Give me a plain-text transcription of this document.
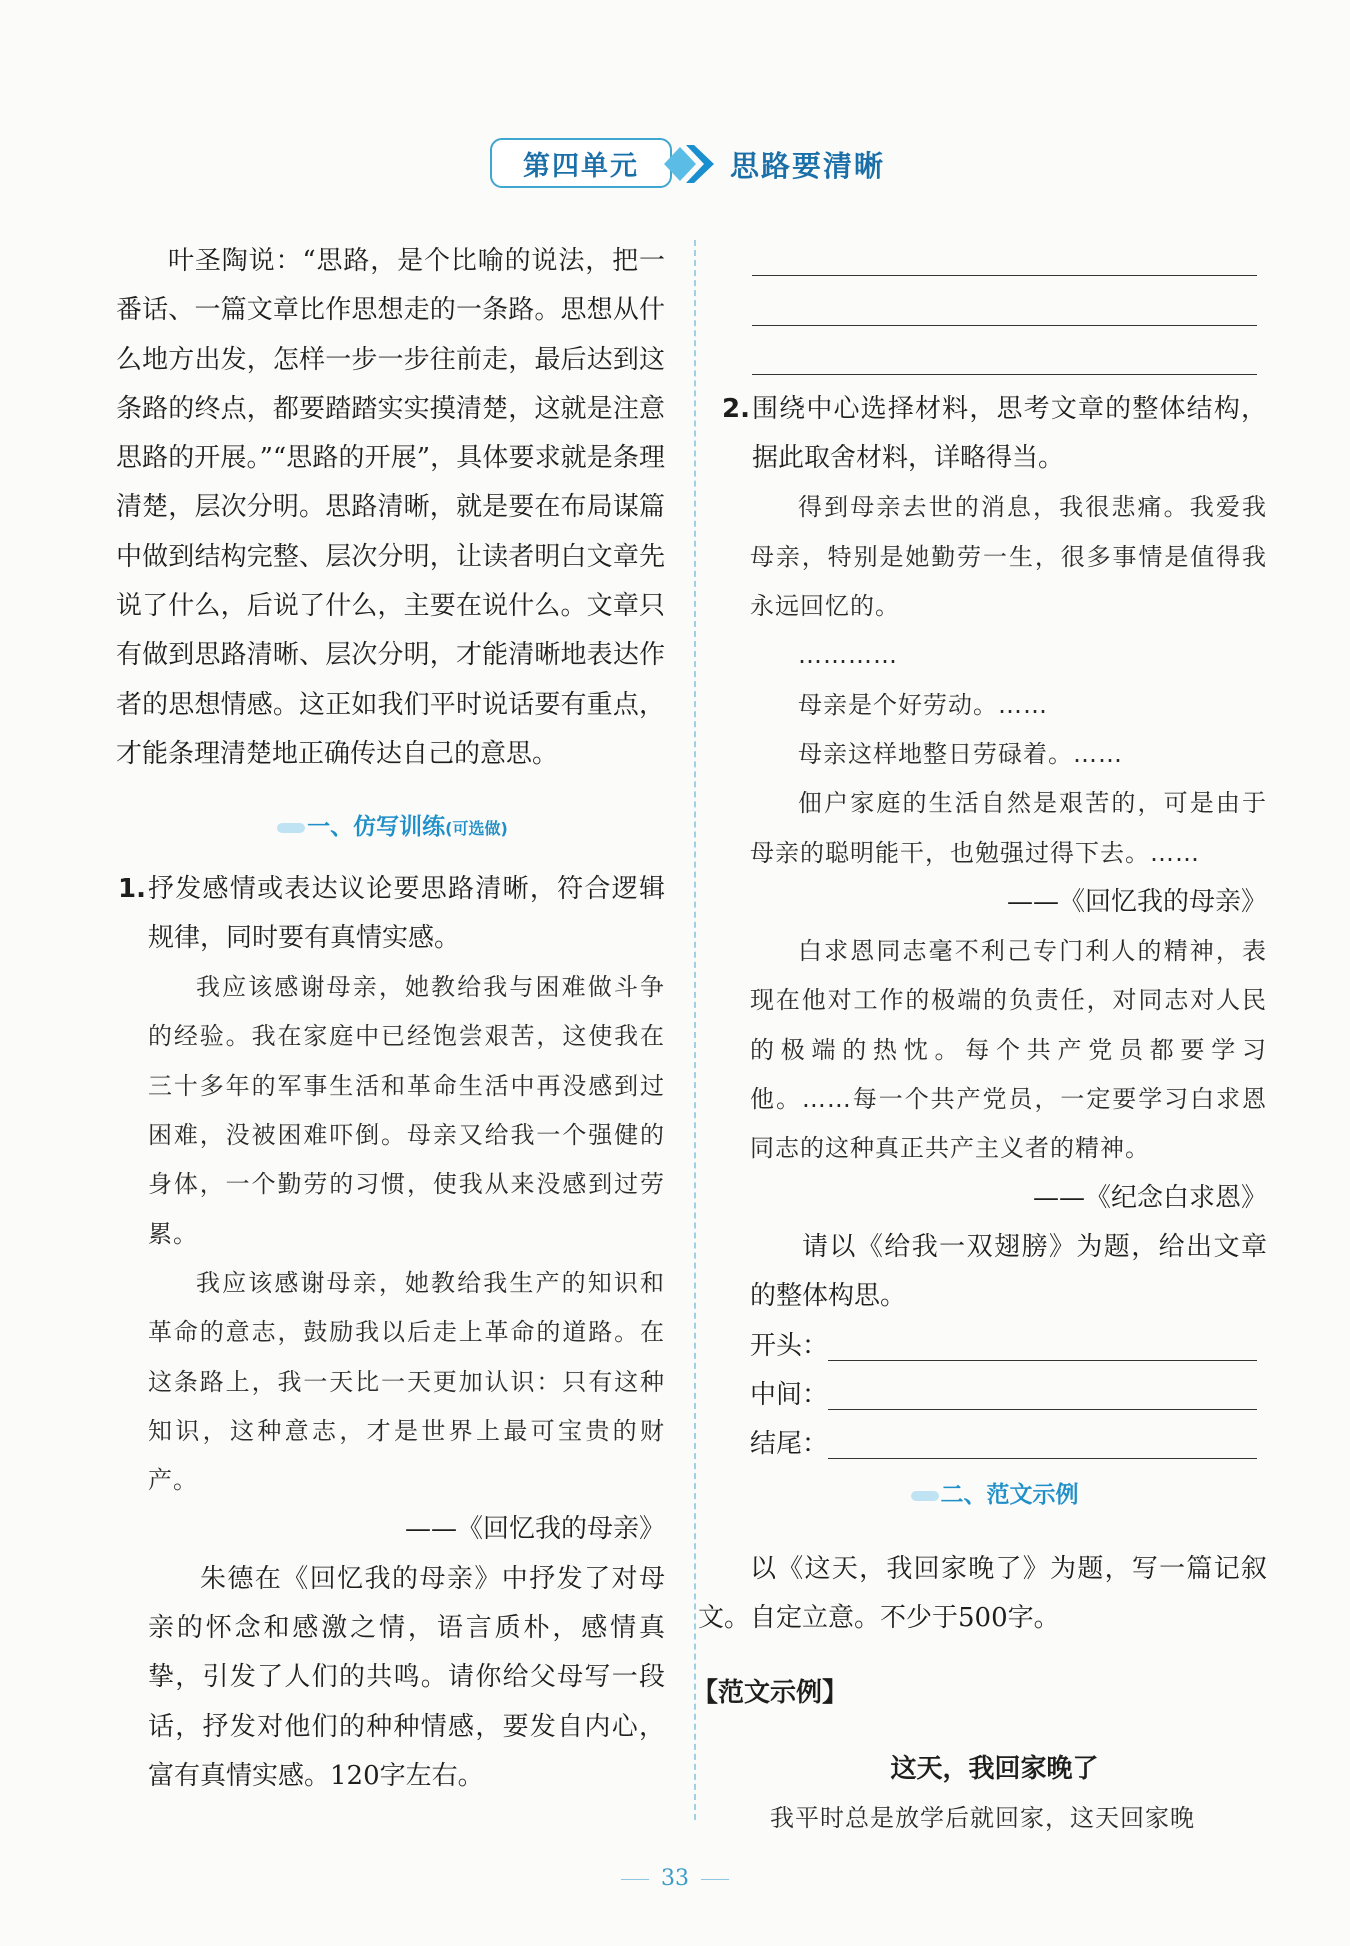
第四单元	思路要清晰

叶圣陶说：“思路，是个比喻的说法，把一番话、一篇文章比作思想走的一条路。思想从什么地方出发，怎样一步一步往前走，最后达到这条路的终点，都要踏踏实实摸清楚，这就是注意思路的开展。”“思路的开展”，具体要求就是条理清楚，层次分明。思路清晰，就是要在布局谋篇中做到结构完整、层次分明，让读者明白文章先说了什么，后说了什么，主要在说什么。文章只有做到思路清晰、层次分明，才能清晰地表达作者的思想情感。这正如我们平时说话要有重点，才能条理清楚地正确传达自己的意思。

一、仿写训练(可选做)

1. 抒发感情或表达议论要思路清晰，符合逻辑规律，同时要有真情实感。

我应该感谢母亲，她教给我与困难做斗争的经验。我在家庭中已经饱尝艰苦，这使我在三十多年的军事生活和革命生活中再没感到过困难，没被困难吓倒。母亲又给我一个强健的身体，一个勤劳的习惯，使我从来没感到过劳累。

我应该感谢母亲，她教给我生产的知识和革命的意志，鼓励我以后走上革命的道路。在这条路上，我一天比一天更加认识：只有这种知识，这种意志，才是世界上最可宝贵的财产。

——《回忆我的母亲》

朱德在《回忆我的母亲》中抒发了对母亲的怀念和感激之情，语言质朴，感情真挚，引发了人们的共鸣。请你给父母写一段话，抒发对他们的种种情感，要发自内心，富有真情实感。120字左右。

2. 围绕中心选择材料，思考文章的整体结构，据此取舍材料，详略得当。

得到母亲去世的消息，我很悲痛。我爱我母亲，特别是她勤劳一生，很多事情是值得我永远回忆的。

…………

母亲是个好劳动。……

母亲这样地整日劳碌着。……

佃户家庭的生活自然是艰苦的，可是由于母亲的聪明能干，也勉强过得下去。……

——《回忆我的母亲》

白求恩同志毫不利己专门利人的精神，表现在他对工作的极端的负责任，对同志对人民的极端的热忱。每个共产党员都要学习他。……每一个共产党员，一定要学习白求恩同志的这种真正共产主义者的精神。

——《纪念白求恩》

请以《给我一双翅膀》为题，给出文章的整体构思。

开头：
中间：
结尾：

二、范文示例

以《这天，我回家晚了》为题，写一篇记叙文。自定立意。不少于500字。

【范文示例】

这天，我回家晚了

我平时总是放学后就回家，这天回家晚

33
